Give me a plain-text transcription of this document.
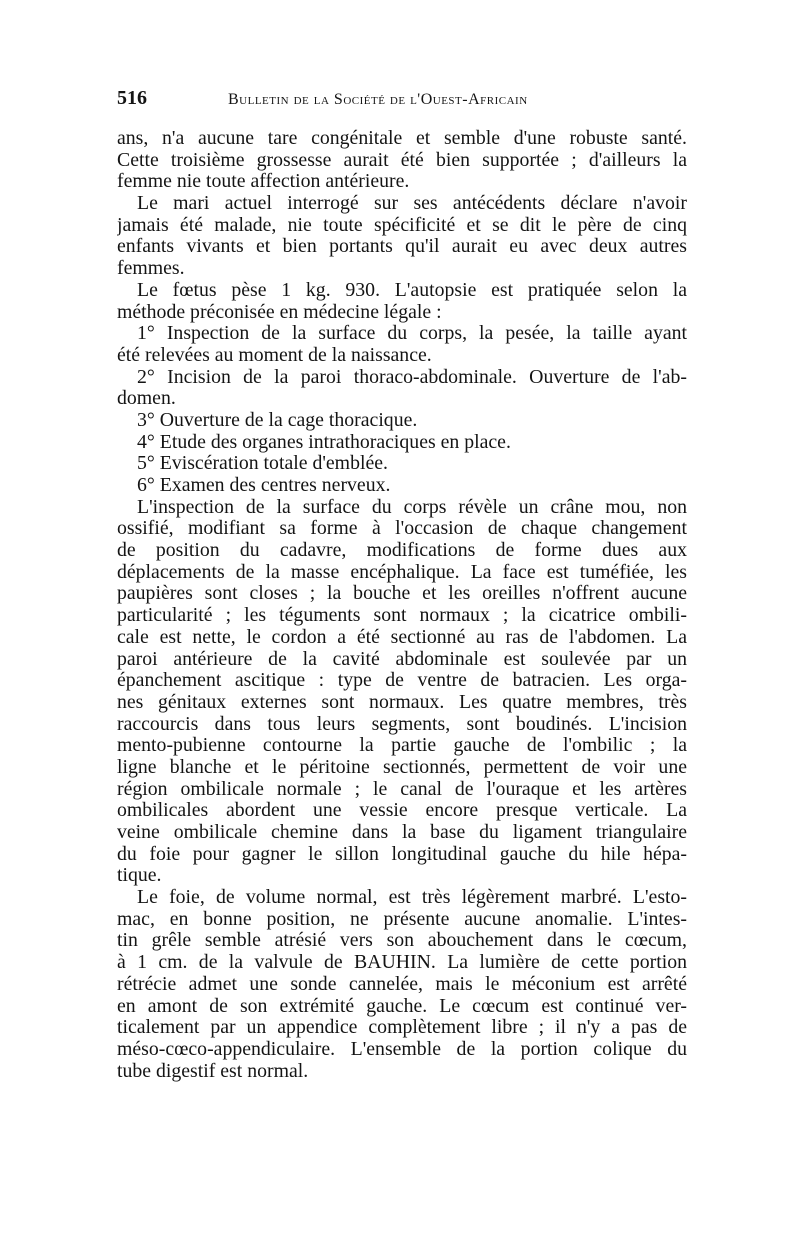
516	Bulletin de la Société de l'Ouest-Africain
ans, n'a aucune tare congénitale et semble d'une robuste santé.
Cette troisième grossesse aurait été bien supportée ; d'ailleurs la
femme nie toute affection antérieure.
Le mari actuel interrogé sur ses antécédents déclare n'avoir
jamais été malade, nie toute spécificité et se dit le père de cinq
enfants vivants et bien portants qu'il aurait eu avec deux autres
femmes.
Le fœtus pèse 1 kg. 930. L'autopsie est pratiquée selon la
méthode préconisée en médecine légale :
1° Inspection de la surface du corps, la pesée, la taille ayant
été relevées au moment de la naissance.
2° Incision de la paroi thoraco-abdominale. Ouverture de l'ab-
domen.
3° Ouverture de la cage thoracique.
4° Etude des organes intrathoraciques en place.
5° Eviscération totale d'emblée.
6° Examen des centres nerveux.
L'inspection de la surface du corps révèle un crâne mou, non
ossifié, modifiant sa forme à l'occasion de chaque changement
de position du cadavre, modifications de forme dues aux
déplacements de la masse encéphalique. La face est tuméfiée, les
paupières sont closes ; la bouche et les oreilles n'offrent aucune
particularité ; les téguments sont normaux ; la cicatrice ombili-
cale est nette, le cordon a été sectionné au ras de l'abdomen. La
paroi antérieure de la cavité abdominale est soulevée par un
épanchement ascitique : type de ventre de batracien. Les orga-
nes génitaux externes sont normaux. Les quatre membres, très
raccourcis dans tous leurs segments, sont boudinés. L'incision
mento-pubienne contourne la partie gauche de l'ombilic ; la
ligne blanche et le péritoine sectionnés, permettent de voir une
région ombilicale normale ; le canal de l'ouraque et les artères
ombilicales abordent une vessie encore presque verticale. La
veine ombilicale chemine dans la base du ligament triangulaire
du foie pour gagner le sillon longitudinal gauche du hile hépa-
tique.
Le foie, de volume normal, est très légèrement marbré. L'esto-
mac, en bonne position, ne présente aucune anomalie. L'intes-
tin grêle semble atrésié vers son abouchement dans le cœcum,
à 1 cm. de la valvule de BAUHIN. La lumière de cette portion
rétrécie admet une sonde cannelée, mais le méconium est arrêté
en amont de son extrémité gauche. Le cœcum est continué ver-
ticalement par un appendice complètement libre ; il n'y a pas de
méso-cœco-appendiculaire. L'ensemble de la portion colique du
tube digestif est normal.
